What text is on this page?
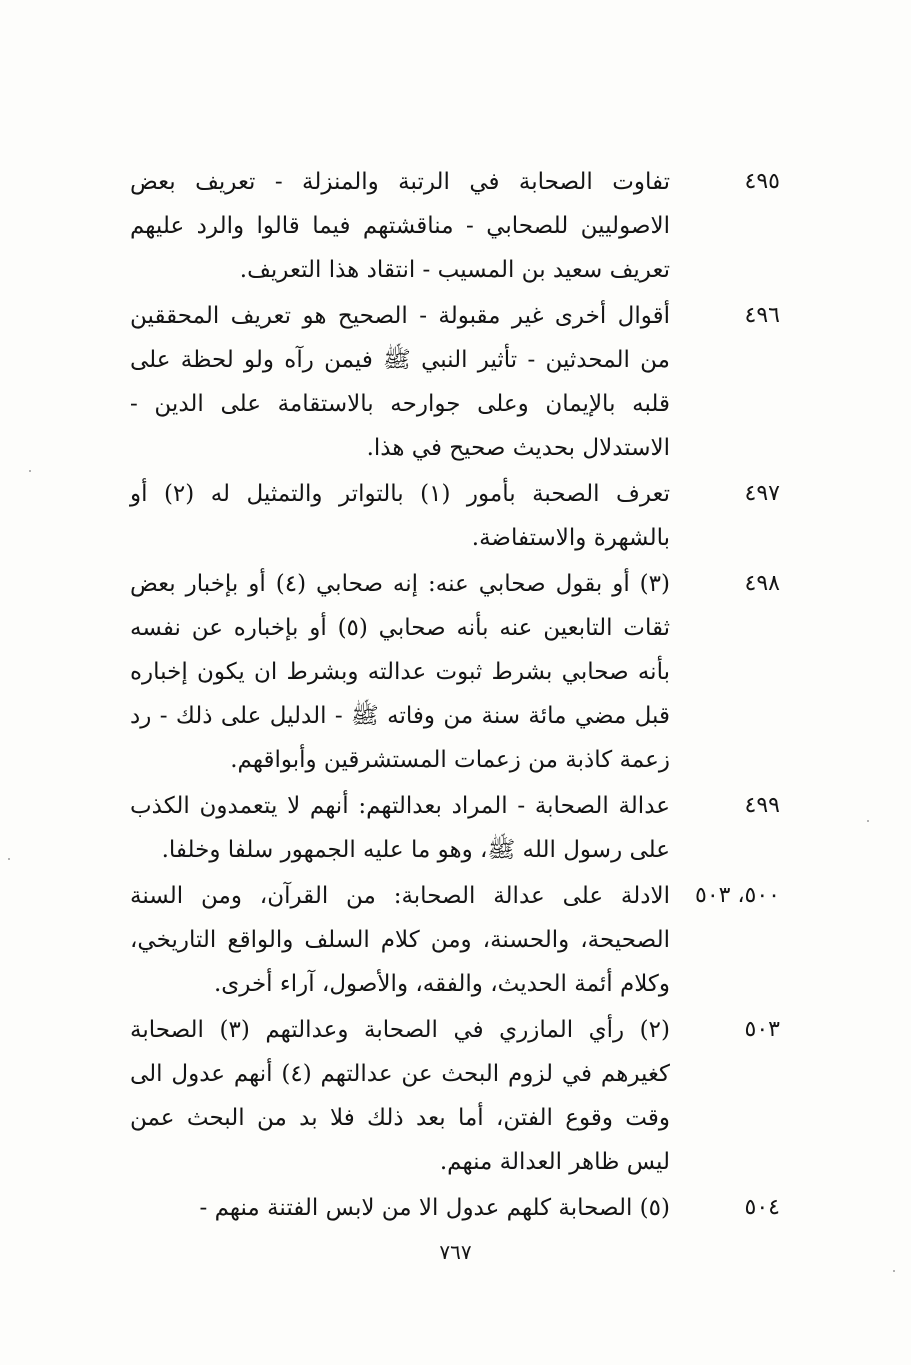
٤٩٥

تفاوت الصحابة في الرتبة والمنزلة - تعريف بعض الاصوليين للصحابي - مناقشتهم فيما قالوا والرد عليهم تعريف سعيد بن المسيب - انتقاد هذا التعريف.

٤٩٦

أقوال أخرى غير مقبولة - الصحيح هو تعريف المحققين من المحدثين - تأثير النبي ﷺ فيمن رآه ولو لحظة على قلبه بالإيمان وعلى جوارحه بالاستقامة على الدين - الاستدلال بحديث صحيح في هذا.

٤٩٧

تعرف الصحبة بأمور (١) بالتواتر والتمثيل له (٢) أو بالشهرة والاستفاضة.

٤٩٨

(٣) أو بقول صحابي عنه: إنه صحابي (٤) أو بإخبار بعض ثقات التابعين عنه بأنه صحابي (٥) أو بإخباره عن نفسه بأنه صحابي بشرط ثبوت عدالته وبشرط ان يكون إخباره قبل مضي مائة سنة من وفاته ﷺ - الدليل على ذلك - رد زعمة كاذبة من زعمات المستشرقين وأبواقهم.

٤٩٩

عدالة الصحابة - المراد بعدالتهم: أنهم لا يتعمدون الكذب على رسول الله ﷺ، وهو ما عليه الجمهور سلفا وخلفا.

٥٠٠، ٥٠٣

الادلة على عدالة الصحابة: من القرآن، ومن السنة الصحيحة، والحسنة، ومن كلام السلف والواقع التاريخي، وكلام أئمة الحديث، والفقه، والأصول، آراء أخرى.

٥٠٣

(٢) رأي المازري في الصحابة وعدالتهم (٣) الصحابة كغيرهم في لزوم البحث عن عدالتهم (٤) أنهم عدول الى وقت وقوع الفتن، أما بعد ذلك فلا بد من البحث عمن ليس ظاهر العدالة منهم.

٥٠٤

(٥) الصحابة كلهم عدول الا من لابس الفتنة منهم -

٧٦٧
